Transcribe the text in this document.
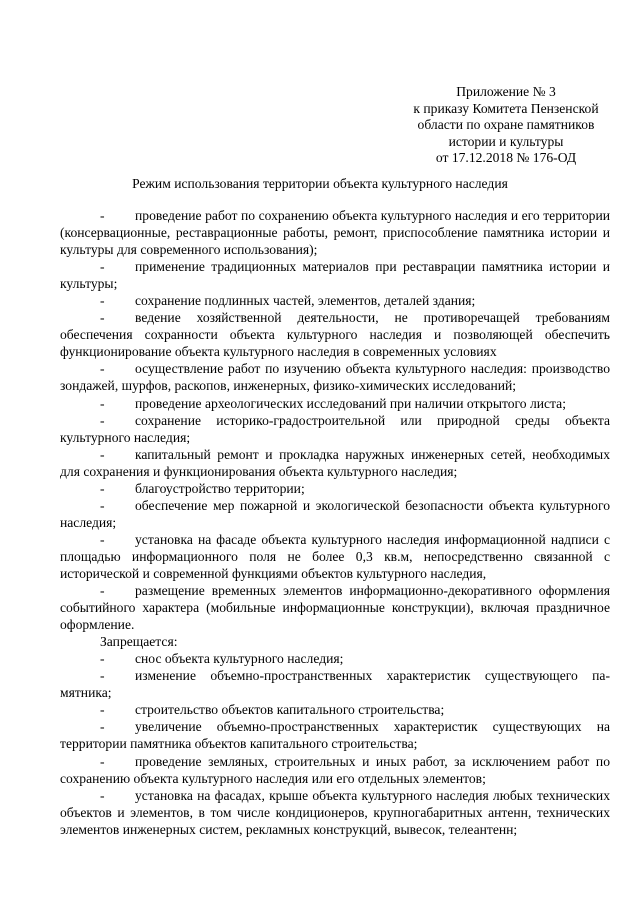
Приложение № 3
к приказу Комитета Пензенской
области по охране памятников
истории и культуры
от 17.12.2018 № 176-ОД
Режим использования территории объекта культурного наследия

- проведение работ по сохранению объекта культурного наследия и его территории (консервационные, реставрационные работы, ремонт, приспособление памятника истории и культуры для современного использования);

- применение традиционных материалов при реставрации памятника истории и культуры;

- сохранение подлинных частей, элементов, деталей здания;

- ведение хозяйственной деятельности, не противоречащей требованиям обеспечения сохранности объекта культурного наследия и позволяющей обеспечить функционирование объекта культурного наследия в современных условиях

- осуществление работ по изучению объекта культурного наследия: производство зондажей, шурфов, раскопов, инженерных, физико-химических исследований;

- проведение археологических исследований при наличии открытого листа;

- сохранение историко-градостроительной или природной среды объекта культурного наследия;

- капитальный ремонт и прокладка наружных инженерных сетей, необходимых для сохранения и функционирования объекта культурного наследия;

- благоустройство территории;

- обеспечение мер пожарной и экологической безопасности объекта культурного наследия;

- установка на фасаде объекта культурного наследия информационной надписи с площадью информационного поля не более 0,3 кв.м, непосредственно связанной с исторической и современной функциями объектов культурного наследия,

- размещение временных элементов информационно-декоративного оформления событийного характера (мобильные информационные конструкции), включая праздничное оформление.

Запрещается:

- снос объекта культурного наследия;

- изменение объемно-пространственных характеристик существующего па-мятника;

- строительство объектов капитального строительства;

- увеличение объемно-пространственных характеристик существующих на территории памятника объектов капитального строительства;

- проведение земляных, строительных и иных работ, за исключением работ по сохранению объекта культурного наследия или его отдельных элементов;

- установка на фасадах, крыше объекта культурного наследия любых технических объектов и элементов, в том числе кондиционеров, крупногабаритных антенн, технических элементов инженерных систем, рекламных конструкций, вывесок, телеантенн;
